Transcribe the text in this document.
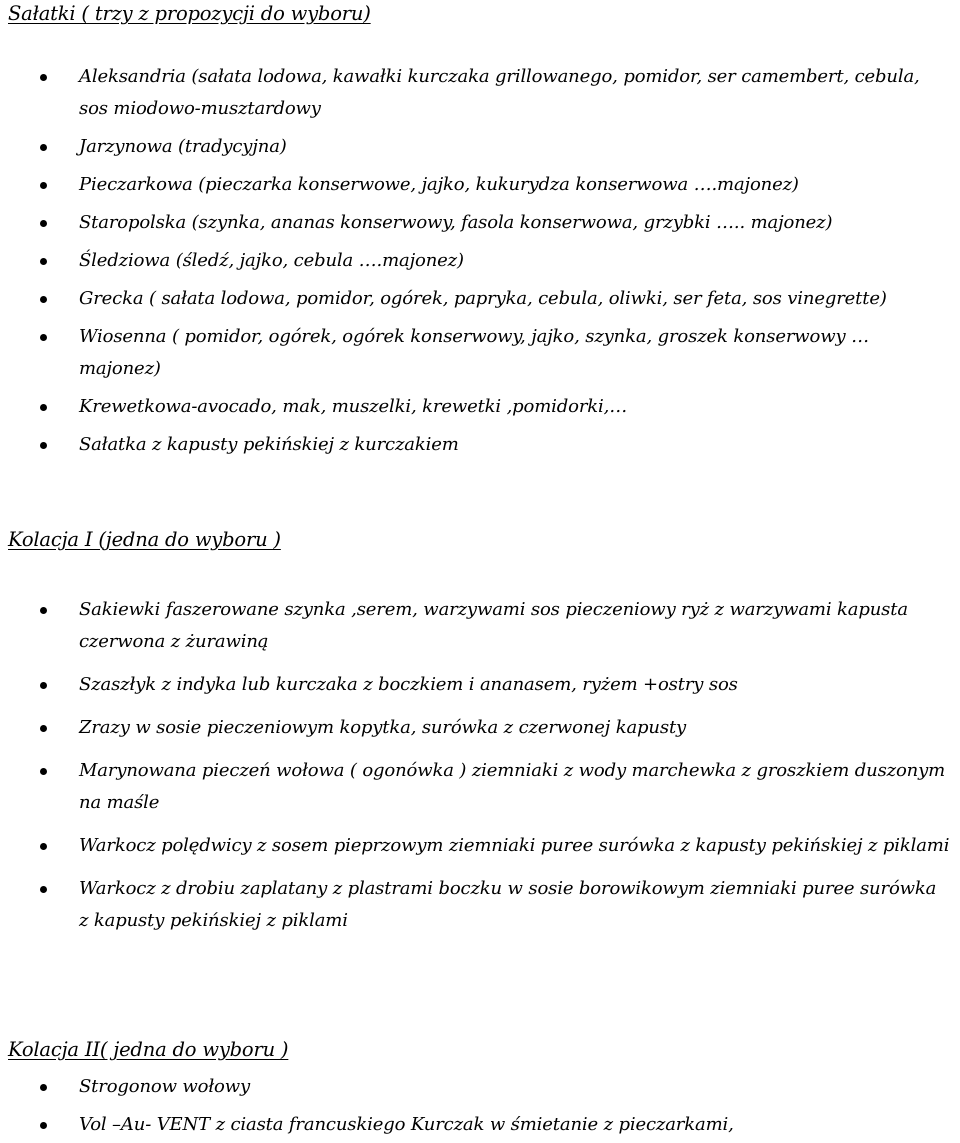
Sałatki ( trzy z propozycji do wyboru)
Aleksandria (sałata lodowa, kawałki kurczaka grillowanego, pomidor, ser camembert, cebula, sos miodowo-musztardowy
Jarzynowa (tradycyjna)
Pieczarkowa (pieczarka konserwowe, jajko, kukurydza konserwowa ….majonez)
Staropolska (szynka, ananas konserwowy, fasola konserwowa, grzybki ….. majonez)
Śledziowa (śledź, jajko, cebula ….majonez)
Grecka ( sałata lodowa, pomidor, ogórek, papryka, cebula, oliwki, ser feta, sos vinegrette)
Wiosenna ( pomidor, ogórek, ogórek konserwowy, jajko, szynka, groszek konserwowy … majonez)
Krewetkowa-avocado, mak, muszelki, krewetki ,pomidorki,…
Sałatka z kapusty pekińskiej z kurczakiem
Kolacja I (jedna do wyboru )
Sakiewki faszerowane szynka ,serem, warzywami sos pieczeniowy ryż z warzywami kapusta czerwona z żurawiną
Szaszłyk z indyka lub kurczaka z boczkiem i ananasem, ryżem +ostry sos
Zrazy w sosie pieczeniowym kopytka, surówka z czerwonej kapusty
Marynowana pieczeń wołowa ( ogonówka ) ziemniaki z wody marchewka z groszkiem duszonym na maśle
Warkocz polędwicy z sosem pieprzowym ziemniaki puree surówka z kapusty pekińskiej z piklami
Warkocz z drobiu zaplatany z plastrami boczku w sosie borowikowym ziemniaki puree surówka z kapusty pekińskiej z piklami
Kolacja II( jedna do wyboru )
Strogonow wołowy
Vol –Au- VENT z ciasta francuskiego Kurczak w śmietanie z pieczarkami,
